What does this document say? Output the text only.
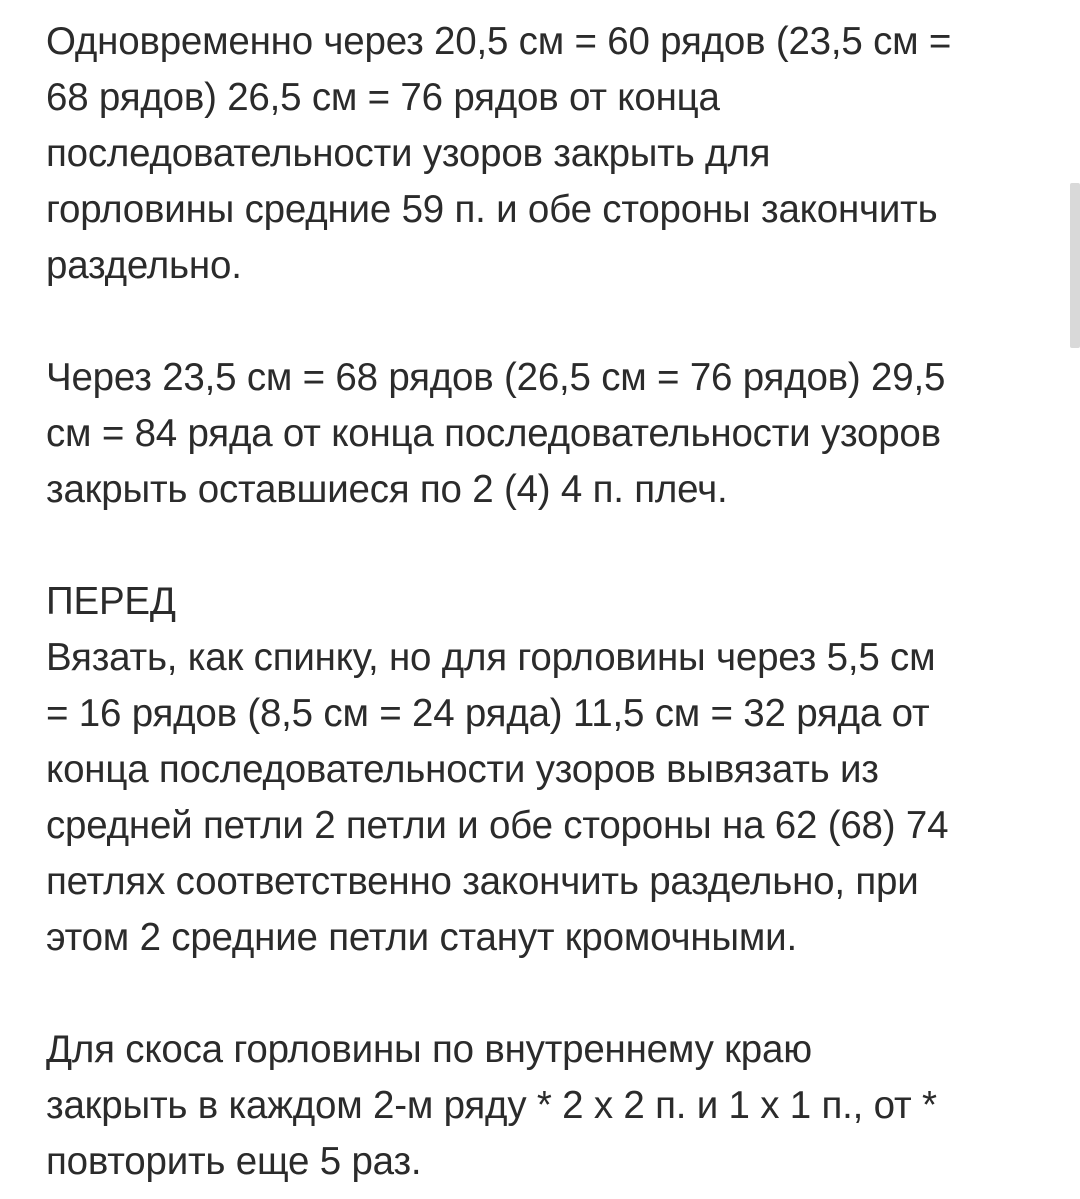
Одновременно через 20,5 см = 60 рядов (23,5 см =
68 рядов) 26,5 см = 76 рядов от конца
последовательности узоров закрыть для
горловины средние 59 п. и обе стороны закончить
раздельно.
Через 23,5 см = 68 рядов (26,5 см = 76 рядов) 29,5
см = 84 ряда от конца последовательности узоров
закрыть оставшиеся по 2 (4) 4 п. плеч.
ПЕРЕД
Вязать, как спинку, но для горловины через 5,5 см
= 16 рядов (8,5 см = 24 ряда) 11,5 см = 32 ряда от
конца последовательности узоров вывязать из
средней петли 2 петли и обе стороны на 62 (68) 74
петлях соответственно закончить раздельно, при
этом 2 средние петли станут кромочными.
Для скоса горловины по внутреннему краю
закрыть в каждом 2-м ряду * 2 х 2 п. и 1 х 1 п., от *
повторить еще 5 раз.
